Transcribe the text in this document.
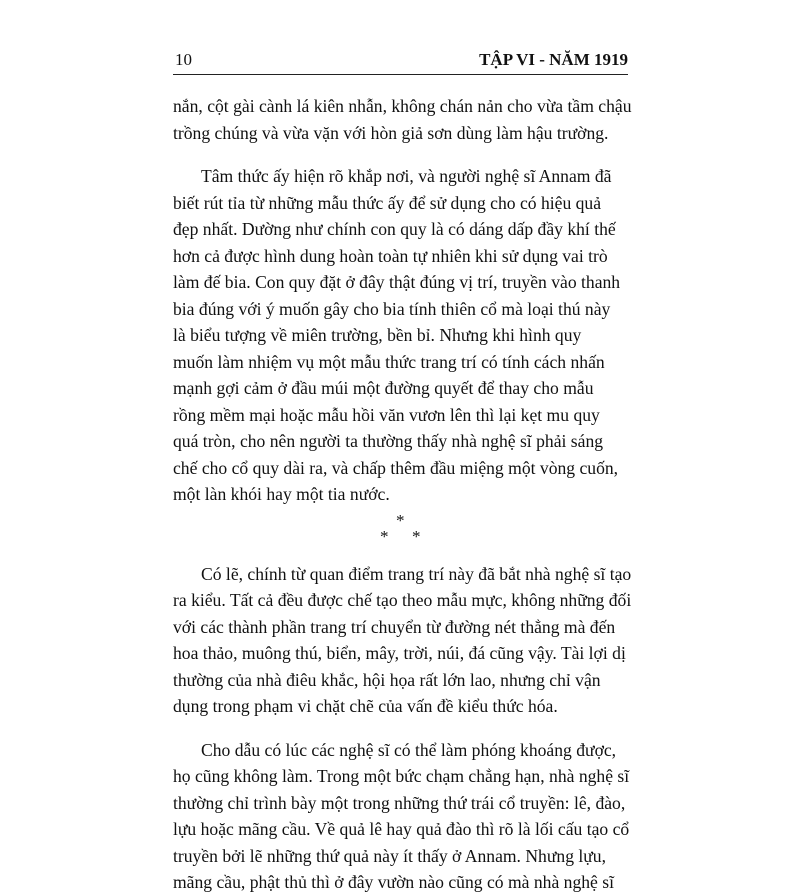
10	TẬP VI - NĂM 1919
nắn, cột gài cành lá kiên nhẫn, không chán nản cho vừa tầm chậu
trồng chúng và vừa vặn với hòn giả sơn dùng làm hậu trường.
Tâm thức ấy hiện rõ khắp nơi, và người nghệ sĩ Annam đã
biết rút tỉa từ những mẫu thức ấy để sử dụng cho có hiệu quả
đẹp nhất. Dường như chính con quy là có dáng dấp đầy khí thế
hơn cả được hình dung hoàn toàn tự nhiên khi sử dụng vai trò
làm đế bia. Con quy đặt ở đây thật đúng vị trí, truyền vào thanh
bia đúng với ý muốn gây cho bia tính thiên cổ mà loại thú này
là biểu tượng về miên trường, bền bỉ. Nhưng khi hình quy
muốn làm nhiệm vụ một mẫu thức trang trí có tính cách nhấn
mạnh gợi cảm ở đầu múi một đường quyết để thay cho mẫu
rồng mềm mại hoặc mẫu hồi văn vươn lên thì lại kẹt mu quy
quá tròn, cho nên người ta thường thấy nhà nghệ sĩ phải sáng
chế cho cổ quy dài ra, và chấp thêm đầu miệng một vòng cuốn,
một làn khói hay một tia nước.
*
* *
Có lẽ, chính từ quan điểm trang trí này đã bắt nhà nghệ sĩ tạo
ra kiểu. Tất cả đều được chế tạo theo mẫu mực, không những đối
với các thành phần trang trí chuyển từ đường nét thẳng mà đến
hoa thảo, muông thú, biển, mây, trời, núi, đá cũng vậy. Tài lợi dị
thường của nhà điêu khắc, hội họa rất lớn lao, nhưng chỉ vận
dụng trong phạm vi chặt chẽ của vấn đề kiểu thức hóa.
Cho dẫu có lúc các nghệ sĩ có thể làm phóng khoáng được,
họ cũng không làm. Trong một bức chạm chẳng hạn, nhà nghệ sĩ
thường chỉ trình bày một trong những thứ trái cổ truyền: lê, đào,
lựu hoặc mãng cầu. Về quả lê hay quả đào thì rõ là lối cấu tạo cổ
truyền bởi lẽ những thứ quả này ít thấy ở Annam. Nhưng lựu,
mãng cầu, phật thủ thì ở đây vườn nào cũng có mà nhà nghệ sĩ
